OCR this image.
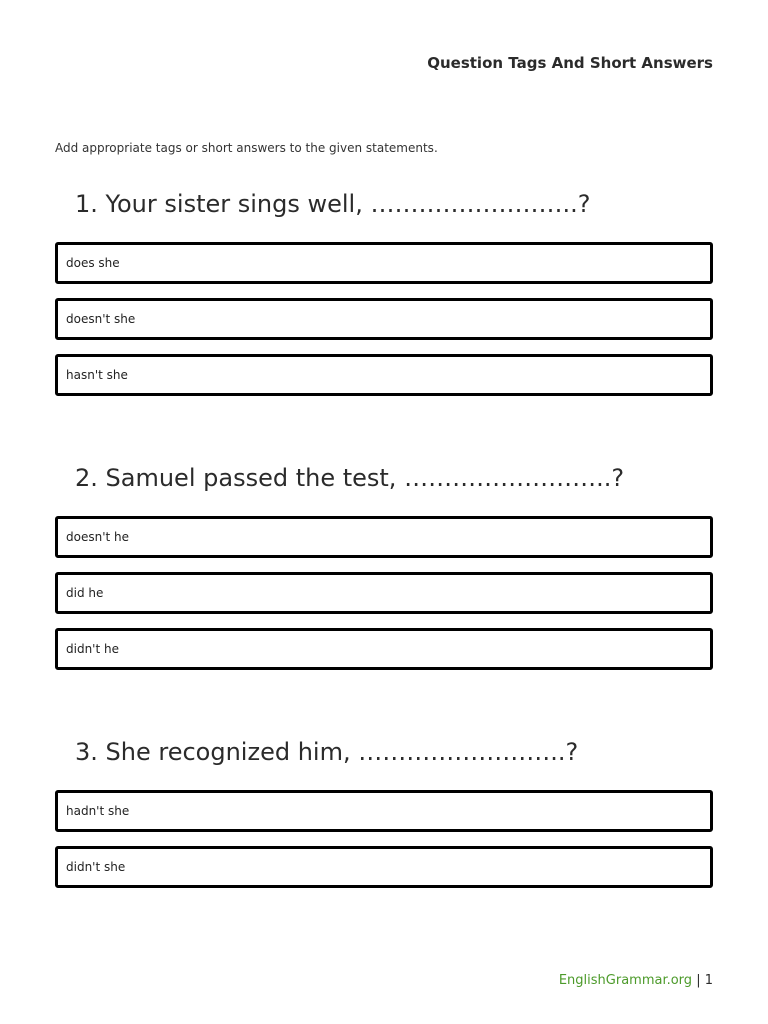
Question Tags And Short Answers
Add appropriate tags or short answers to the given statements.
1. Your sister sings well, ……………………..?
does she
doesn't she
hasn't she
2. Samuel passed the test, ……………………..?
doesn't he
did he
didn't he
3. She recognized him, ……………………..?
hadn't she
didn't she
EnglishGrammar.org | 1
